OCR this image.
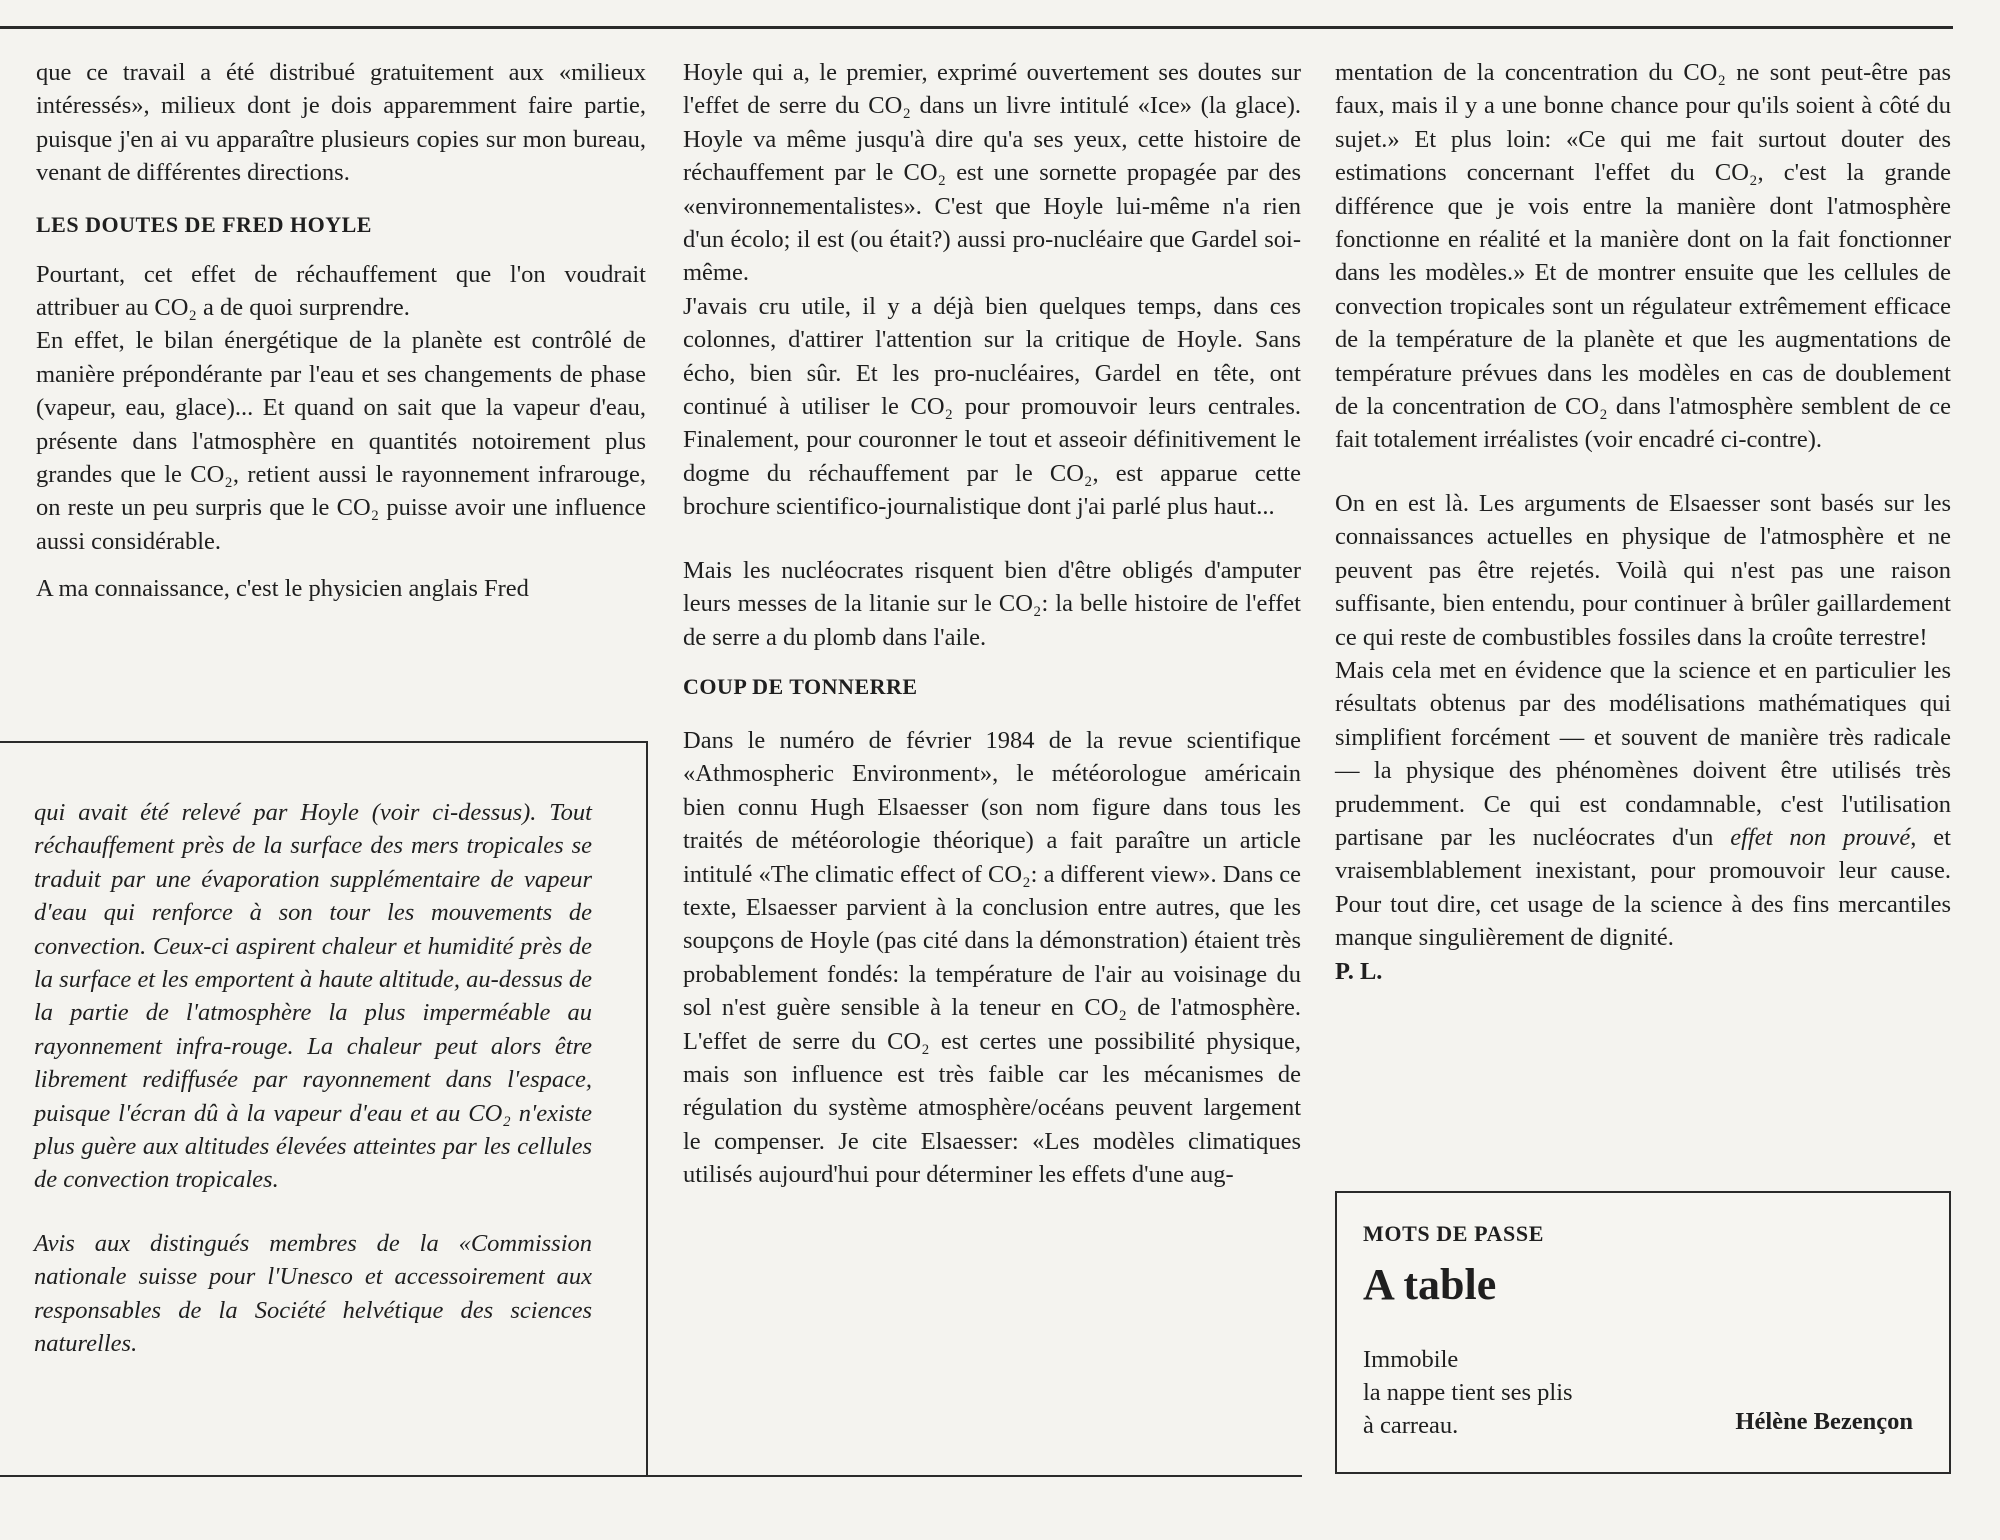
que ce travail a été distribué gratuitement aux «milieux intéressés», milieux dont je dois apparemment faire partie, puisque j'en ai vu apparaître plusieurs copies sur mon bureau, venant de différentes directions.

LES DOUTES DE FRED HOYLE

Pourtant, cet effet de réchauffement que l'on voudrait attribuer au CO₂ a de quoi surprendre.

En effet, le bilan énergétique de la planète est contrôlé de manière prépondérante par l'eau et ses changements de phase (vapeur, eau, glace)... Et quand on sait que la vapeur d'eau, présente dans l'atmosphère en quantités notoirement plus grandes que le CO₂, retient aussi le rayonnement infrarouge, on reste un peu surpris que le CO₂ puisse avoir une influence aussi considérable.

A ma connaissance, c'est le physicien anglais Fred

qui avait été relevé par Hoyle (voir ci-dessus). Tout réchauffement près de la surface des mers tropicales se traduit par une évaporation supplémentaire de vapeur d'eau qui renforce à son tour les mouvements de convection. Ceux-ci aspirent chaleur et humidité près de la surface et les emportent à haute altitude, au-dessus de la partie de l'atmosphère la plus imperméable au rayonnement infra-rouge. La chaleur peut alors être librement rediffusée par rayonnement dans l'espace, puisque l'écran dû à la vapeur d'eau et au CO₂ n'existe plus guère aux altitudes élevées atteintes par les cellules de convection tropicales.

Avis aux distingués membres de la «Commission nationale suisse pour l'Unesco et accessoirement aux responsables de la Société helvétique des sciences naturelles.

Hoyle qui a, le premier, exprimé ouvertement ses doutes sur l'effet de serre du CO₂ dans un livre intitulé «Ice» (la glace). Hoyle va même jusqu'à dire qu'a ses yeux, cette histoire de réchauffement par le CO₂ est une sornette propagée par des «environnementalistes». C'est que Hoyle lui-même n'a rien d'un écolo; il est (ou était?) aussi pro-nucléaire que Gardel soi-même.

J'avais cru utile, il y a déjà bien quelques temps, dans ces colonnes, d'attirer l'attention sur la critique de Hoyle. Sans écho, bien sûr. Et les pro-nucléaires, Gardel en tête, ont continué à utiliser le CO₂ pour promouvoir leurs centrales. Finalement, pour couronner le tout et asseoir définitivement le dogme du réchauffement par le CO₂, est apparue cette brochure scientifico-journalistique dont j'ai parlé plus haut...

Mais les nucléocrates risquent bien d'être obligés d'amputer leurs messes de la litanie sur le CO₂: la belle histoire de l'effet de serre a du plomb dans l'aile.

COUP DE TONNERRE

Dans le numéro de février 1984 de la revue scientifique «Athmospheric Environment», le météorologue américain bien connu Hugh Elsaesser (son nom figure dans tous les traités de météorologie théorique) a fait paraître un article intitulé «The climatic effect of CO₂: a different view». Dans ce texte, Elsaesser parvient à la conclusion entre autres, que les soupçons de Hoyle (pas cité dans la démonstration) étaient très probablement fondés: la température de l'air au voisinage du sol n'est guère sensible à la teneur en CO₂ de l'atmosphère. L'effet de serre du CO₂ est certes une possibilité physique, mais son influence est très faible car les mécanismes de régulation du système atmosphère/océans peuvent largement le compenser. Je cite Elsaesser: «Les modèles climatiques utilisés aujourd'hui pour déterminer les effets d'une aug-

mentation de la concentration du CO₂ ne sont peut-être pas faux, mais il y a une bonne chance pour qu'ils soient à côté du sujet.» Et plus loin: «Ce qui me fait surtout douter des estimations concernant l'effet du CO₂, c'est la grande différence que je vois entre la manière dont l'atmosphère fonctionne en réalité et la manière dont on la fait fonctionner dans les modèles.» Et de montrer ensuite que les cellules de convection tropicales sont un régulateur extrêmement efficace de la température de la planète et que les augmentations de température prévues dans les modèles en cas de doublement de la concentration de CO₂ dans l'atmosphère semblent de ce fait totalement irréalistes (voir encadré ci-contre).

On en est là. Les arguments de Elsaesser sont basés sur les connaissances actuelles en physique de l'atmosphère et ne peuvent pas être rejetés. Voilà qui n'est pas une raison suffisante, bien entendu, pour continuer à brûler gaillardement ce qui reste de combustibles fossiles dans la croûte terrestre!

Mais cela met en évidence que la science et en particulier les résultats obtenus par des modélisations mathématiques qui simplifient forcément — et souvent de manière très radicale — la physique des phénomènes doivent être utilisés très prudemment. Ce qui est condamnable, c'est l'utilisation partisane par les nucléocrates d'un effet non prouvé, et vraisemblablement inexistant, pour promouvoir leur cause. Pour tout dire, cet usage de la science à des fins mercantiles manque singulièrement de dignité.

P. L.

MOTS DE PASSE
A table
Immobile
la nappe tient ses plis
à carreau.	Hélène Bezençon
